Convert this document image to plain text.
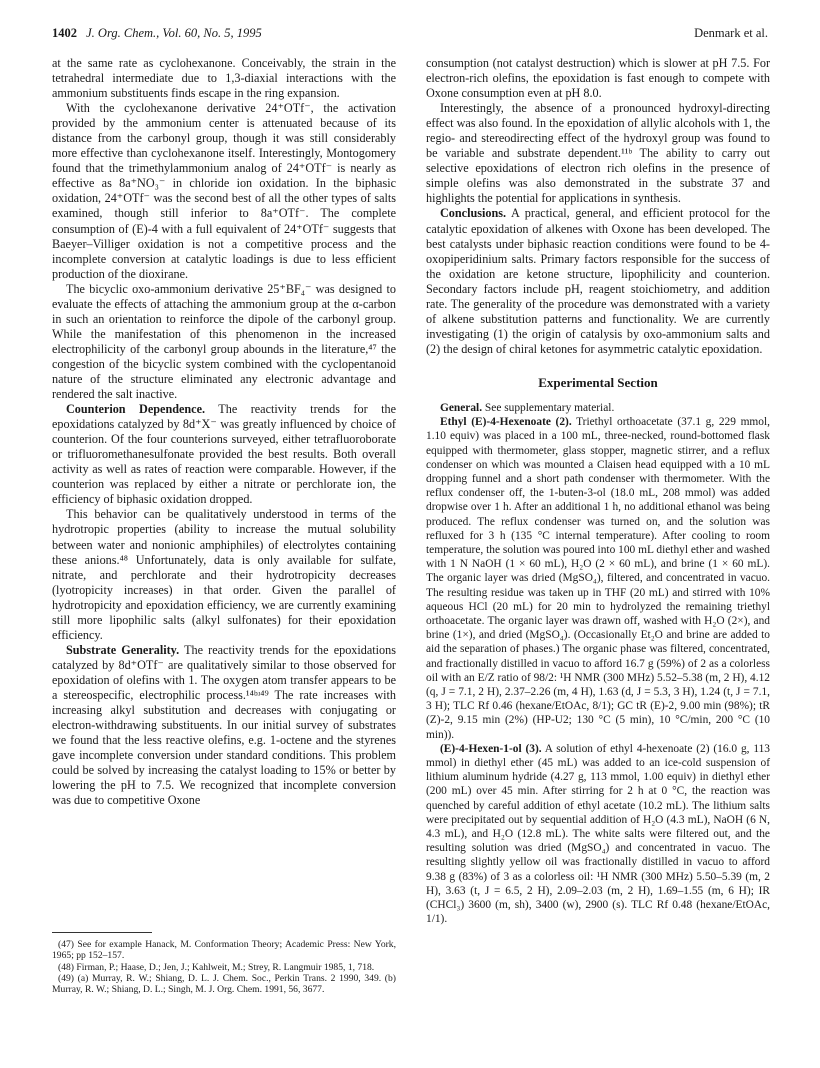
1402 J. Org. Chem., Vol. 60, No. 5, 1995	Denmark et al.

at the same rate as cyclohexanone. Conceivably, the strain in the tetrahedral intermediate due to 1,3-diaxial interactions with the ammonium substituents finds escape in the ring expansion.

With the cyclohexanone derivative 24⁺OTf⁻, the activation provided by the ammonium center is attenuated because of its distance from the carbonyl group, though it was still considerably more effective than cyclohexanone itself. Interestingly, Montogomery found that the trimethylammonium analog of 24⁺OTf⁻ is nearly as effective as 8a⁺NO₃⁻ in chloride ion oxidation. In the biphasic oxidation, 24⁺OTf⁻ was the second best of all the other types of salts examined, though still inferior to 8a⁺OTf⁻. The complete consumption of (E)-4 with a full equivalent of 24⁺OTf⁻ suggests that Baeyer–Villiger oxidation is not a competitive process and the incomplete conversion at catalytic loadings is due to less efficient production of the dioxirane.

The bicyclic oxo-ammonium derivative 25⁺BF₄⁻ was designed to evaluate the effects of attaching the ammonium group at the α-carbon in such an orientation to reinforce the dipole of the carbonyl group. While the manifestation of this phenomenon in the increased electrophilicity of the carbonyl group abounds in the literature,⁴⁷ the congestion of the bicyclic system combined with the cyclopentanoid nature of the structure eliminated any electronic advantage and rendered the salt inactive.

Counterion Dependence. The reactivity trends for the epoxidations catalyzed by 8d⁺X⁻ was greatly influenced by choice of counterion. Of the four counterions surveyed, either tetrafluoroborate or trifluoromethanesulfonate provided the best results. Both overall activity as well as rates of reaction were comparable. However, if the counterion was replaced by either a nitrate or perchlorate ion, the efficiency of biphasic oxidation dropped.

This behavior can be qualitatively understood in terms of the hydrotropic properties (ability to increase the mutual solubility between water and nonionic amphiphiles) of electrolytes containing these anions.⁴⁸ Unfortunately, data is only available for sulfate, nitrate, and perchlorate and their hydrotropicity decreases (lyotropicity increases) in that order. Given the parallel of hydrotropicity and epoxidation efficiency, we are currently examining still more lipophilic salts (alkyl sulfonates) for their epoxidation efficiency.

Substrate Generality. The reactivity trends for the epoxidations catalyzed by 8d⁺OTf⁻ are qualitatively similar to those observed for epoxidation of olefins with 1. The oxygen atom transfer appears to be a stereospecific, electrophilic process.¹⁴ᵇʴ⁴⁹ The rate increases with increasing alkyl substitution and decreases with conjugating or electron-withdrawing substituents. In our initial survey of substrates we found that the less reactive olefins, e.g. 1-octene and the styrenes gave incomplete conversion under standard conditions. This problem could be solved by increasing the catalyst loading to 15% or better by lowering the pH to 7.5. We recognized that incomplete conversion was due to competitive Oxone

(47) See for example Hanack, M. Conformation Theory; Academic Press: New York, 1965; pp 152–157.

(48) Firman, P.; Haase, D.; Jen, J.; Kahlweit, M.; Strey, R. Langmuir 1985, 1, 718.

(49) (a) Murray, R. W.; Shiang, D. L. J. Chem. Soc., Perkin Trans. 2 1990, 349. (b) Murray, R. W.; Shiang, D. L.; Singh, M. J. Org. Chem. 1991, 56, 3677.

consumption (not catalyst destruction) which is slower at pH 7.5. For electron-rich olefins, the epoxidation is fast enough to compete with Oxone consumption even at pH 8.0.

Interestingly, the absence of a pronounced hydroxyl-directing effect was also found. In the epoxidation of allylic alcohols with 1, the regio- and stereodirecting effect of the hydroxyl group was found to be variable and substrate dependent.¹¹ᵇ The ability to carry out selective epoxidations of electron rich olefins in the presence of simple olefins was also demonstrated in the substrate 37 and highlights the potential for applications in synthesis.

Conclusions. A practical, general, and efficient protocol for the catalytic epoxidation of alkenes with Oxone has been developed. The best catalysts under biphasic reaction conditions were found to be 4-oxopiperidinium salts. Primary factors responsible for the success of the oxidation are ketone structure, lipophilicity and counterion. Secondary factors include pH, reagent stoichiometry, and addition rate. The generality of the procedure was demonstrated with a variety of alkene substitution patterns and functionality. We are currently investigating (1) the origin of catalysis by oxo-ammonium salts and (2) the design of chiral ketones for asymmetric catalytic epoxidation.

Experimental Section

General. See supplementary material.

Ethyl (E)-4-Hexenoate (2). Triethyl orthoacetate (37.1 g, 229 mmol, 1.10 equiv) was placed in a 100 mL, three-necked, round-bottomed flask equipped with thermometer, glass stopper, magnetic stirrer, and a reflux condenser on which was mounted a Claisen head equipped with a 10 mL dropping funnel and a short path condenser with thermometer. With the reflux condenser off, the 1-buten-3-ol (18.0 mL, 208 mmol) was added dropwise over 1 h. After an additional 1 h, no additional ethanol was being produced. The reflux condenser was turned on, and the solution was refluxed for 3 h (135 °C internal temperature). After cooling to room temperature, the solution was poured into 100 mL diethyl ether and washed with 1 N NaOH (1 × 60 mL), H₂O (2 × 60 mL), and brine (1 × 60 mL). The organic layer was dried (MgSO₄), filtered, and concentrated in vacuo. The resulting residue was taken up in THF (20 mL) and stirred with 10% aqueous HCl (20 mL) for 20 min to hydrolyzed the remaining triethyl orthoacetate. The organic layer was drawn off, washed with H₂O (2×), and brine (1×), and dried (MgSO₄). (Occasionally Et₂O and brine are added to aid the separation of phases.) The organic phase was filtered, concentrated, and fractionally distilled in vacuo to afford 16.7 g (59%) of 2 as a colorless oil with an E/Z ratio of 98/2: ¹H NMR (300 MHz) 5.52–5.38 (m, 2 H), 4.12 (q, J = 7.1, 2 H), 2.37–2.26 (m, 4 H), 1.63 (d, J = 5.3, 3 H), 1.24 (t, J = 7.1, 3 H); TLC Rf 0.46 (hexane/EtOAc, 8/1); GC tR (E)-2, 9.00 min (98%); tR (Z)-2, 9.15 min (2%) (HP-U2; 130 °C (5 min), 10 °C/min, 200 °C (10 min)).

(E)-4-Hexen-1-ol (3). A solution of ethyl 4-hexenoate (2) (16.0 g, 113 mmol) in diethyl ether (45 mL) was added to an ice-cold suspension of lithium aluminum hydride (4.27 g, 113 mmol, 1.00 equiv) in diethyl ether (200 mL) over 45 min. After stirring for 2 h at 0 °C, the reaction was quenched by careful addition of ethyl acetate (10.2 mL). The lithium salts were precipitated out by sequential addition of H₂O (4.3 mL), NaOH (6 N, 4.3 mL), and H₂O (12.8 mL). The white salts were filtered out, and the resulting solution was dried (MgSO₄) and concentrated in vacuo. The resulting slightly yellow oil was fractionally distilled in vacuo to afford 9.38 g (83%) of 3 as a colorless oil: ¹H NMR (300 MHz) 5.50–5.39 (m, 2 H), 3.63 (t, J = 6.5, 2 H), 2.09–2.03 (m, 2 H), 1.69–1.55 (m, 6 H); IR (CHCl₃) 3600 (m, sh), 3400 (w), 2900 (s). TLC Rf 0.48 (hexane/EtOAc, 1/1).
